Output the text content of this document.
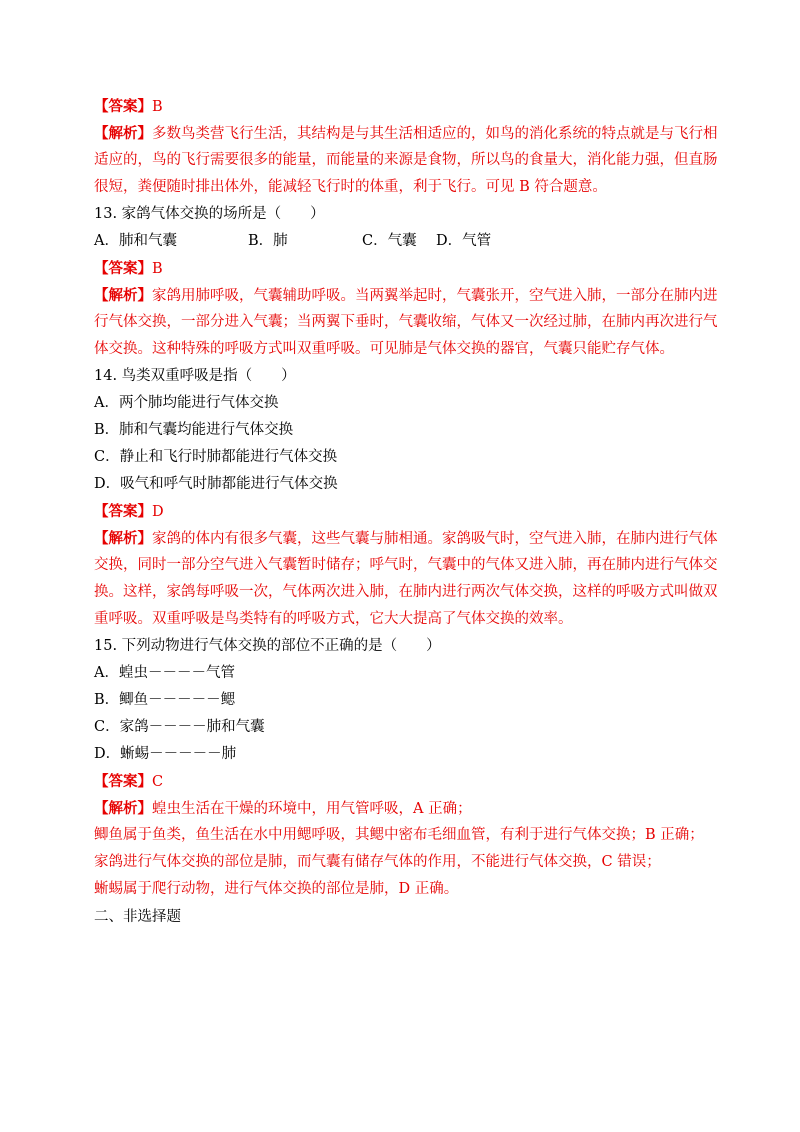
【答案】B
【解析】多数鸟类营飞行生活，其结构是与其生活相适应的，如鸟的消化系统的特点就是与飞行相
适应的，鸟的飞行需要很多的能量，而能量的来源是食物，所以鸟的食量大，消化能力强，但直肠
很短，粪便随时排出体外，能减轻飞行时的体重，利于飞行。可见 B 符合题意。
13. 家鸽气体交换的场所是（　　）
A．肺和气囊	B．肺	C．气囊 D．气管
【答案】B
【解析】家鸽用肺呼吸，气囊辅助呼吸。当两翼举起时，气囊张开，空气进入肺，一部分在肺内进
行气体交换，一部分进入气囊；当两翼下垂时，气囊收缩，气体又一次经过肺，在肺内再次进行气
体交换。这种特殊的呼吸方式叫双重呼吸。可见肺是气体交换的器官，气囊只能贮存气体。
14. 鸟类双重呼吸是指（　　）
A．两个肺均能进行气体交换
B．肺和气囊均能进行气体交换
C．静止和飞行时肺都能进行气体交换
D．吸气和呼气时肺都能进行气体交换
【答案】D
【解析】家鸽的体内有很多气囊，这些气囊与肺相通。家鸽吸气时，空气进入肺，在肺内进行气体
交换，同时一部分空气进入气囊暂时储存；呼气时，气囊中的气体又进入肺，再在肺内进行气体交
换。这样，家鸽每呼吸一次，气体两次进入肺，在肺内进行两次气体交换，这样的呼吸方式叫做双
重呼吸。双重呼吸是鸟类特有的呼吸方式，它大大提高了气体交换的效率。
15. 下列动物进行气体交换的部位不正确的是（　　）
A．蝗虫－－－－气管
B．鲫鱼－－－－－鳃
C．家鸽－－－－肺和气囊
D．蜥蜴－－－－－肺
【答案】C
【解析】蝗虫生活在干燥的环境中，用气管呼吸，A 正确；
鲫鱼属于鱼类，鱼生活在水中用鳃呼吸，其鳃中密布毛细血管，有利于进行气体交换；B 正确；
家鸽进行气体交换的部位是肺，而气囊有储存气体的作用，不能进行气体交换，C 错误；
蜥蜴属于爬行动物，进行气体交换的部位是肺，D 正确。
二、非选择题
